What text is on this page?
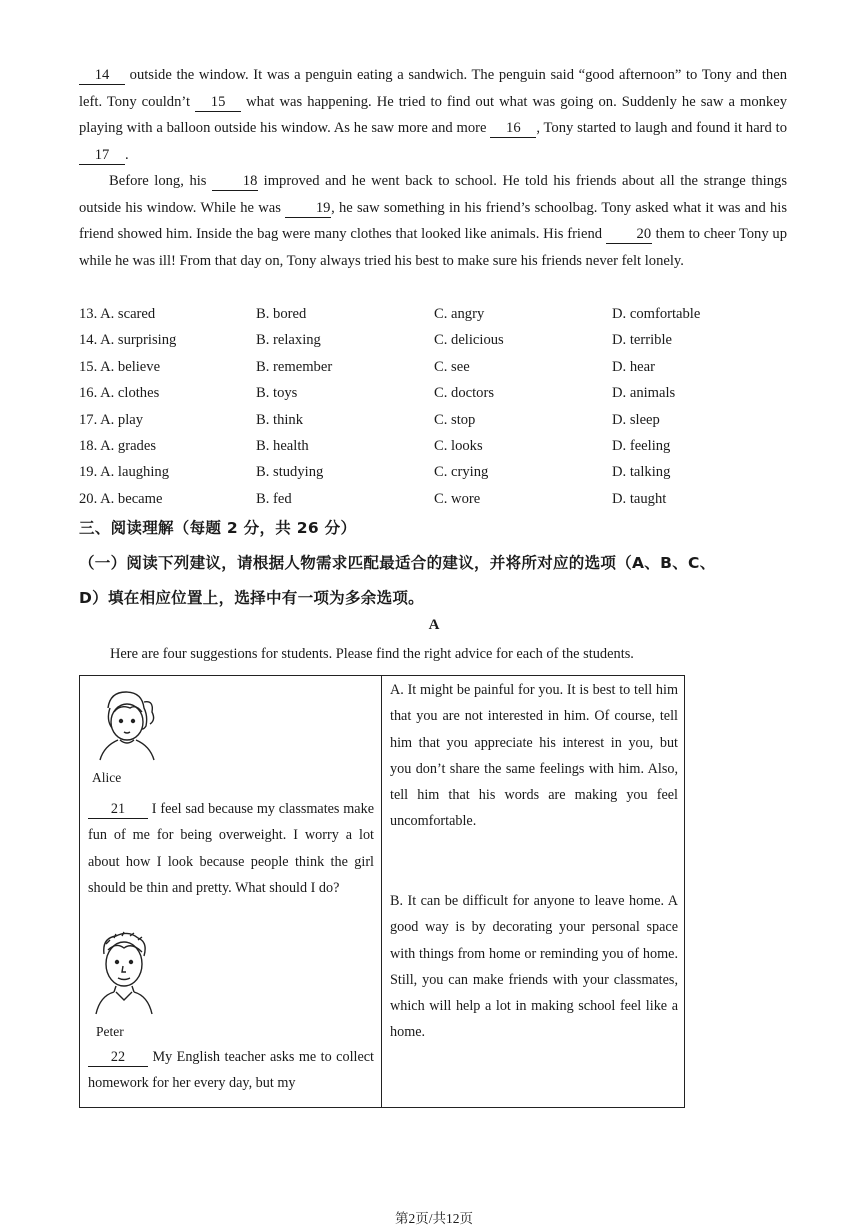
14 outside the window. It was a penguin eating a sandwich. The penguin said “good afternoon” to Tony and then left. Tony couldn’t 15 what was happening. He tried to find out what was going on. Suddenly he saw a monkey playing with a balloon outside his window. As he saw more and more 16 , Tony started to laugh and found it hard to 17 .
Before long, his 18 improved and he went back to school. He told his friends about all the strange things outside his window. While he was 19, he saw something in his friend’s schoolbag. Tony asked what it was and his friend showed him. Inside the bag were many clothes that looked like animals. His friend 20 them to cheer Tony up while he was ill! From that day on, Tony always tried his best to make sure his friends never felt lonely.
13. A. scared	B. bored	C. angry	D. comfortable
14. A. surprising	B. relaxing	C. delicious	D. terrible
15. A. believe	B. remember	C. see	D. hear
16. A. clothes	B. toys	C. doctors	D. animals
17. A. play	B. think	C. stop	D. sleep
18. A. grades	B. health	C. looks	D. feeling
19. A. laughing	B. studying	C. crying	D. talking
20. A. became	B. fed	C. wore	D. taught
三、阅读理解（每题 2 分，共 26 分）
（一）阅读下列建议，请根据人物需求匹配最适合的建议，并将所对应的选项（A、B、C、
D）填在相应位置上，选择中有一项为多余选项。
A
Here are four suggestions for students. Please find the right advice for each of the students.
Alice
21 I feel sad because my classmates make fun of me for being overweight. I worry a lot about how I look because people think the girl should be thin and pretty. What should I do?
Peter
22 My English teacher asks me to collect homework for her every day, but my
A. It might be painful for you. It is best to tell him that you are not interested in him. Of course, tell him that you appreciate his interest in you, but you don’t share the same feelings with him. Also, tell him that his words are making you feel uncomfortable.
B. It can be difficult for anyone to leave home. A good way is by decorating your personal space with things from home or reminding you of home. Still, you can make friends with your classmates, which will help a lot in making school feel like a home.
第2页/共12页
